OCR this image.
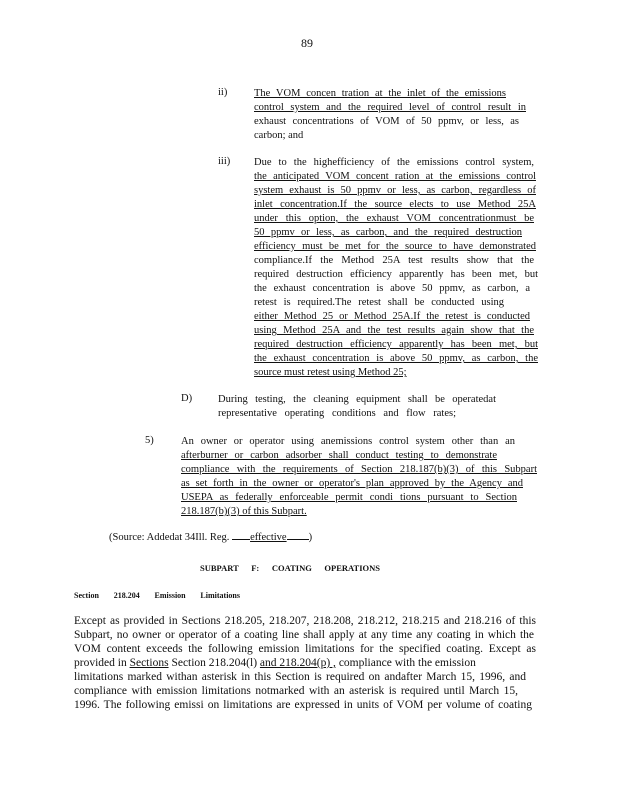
89
ii)	The VOM concen tration at the inlet of the emissions
control system and the required level of control result in
exhaust concentrations of VOM of 50 ppmv, or less, as
carbon; and
iii) Due to the highefficiency of the emissions control system,
the anticipated VOM concent ration at the emissions control
system exhaust is 50 ppmv or less, as carbon, regardless of
inlet concentration.If the source elects to use Method 25A
under this option, the exhaust VOM concentrationmust be
50 ppmv or less, as carbon, and the required destruction
efficiency must be met for the source to have demonstrated
compliance.If the Method 25A test results show that the
required destruction efficiency apparently has been met, but
the exhaust concentration is above 50 ppmv, as carbon, a
retest is required.The retest shall be conducted using
either Method 25 or Method 25A.If the retest is conducted
using Method 25A and the test results again show that the
required destruction efficiency apparently has been met, but
the exhaust concentration is above 50 ppmv, as carbon, the
source must retest using Method 25;
D) During testing, the cleaning equipment shall be operatedat
representative operating conditions and flow rates;
5)	An owner or operator using anemissions control system other than an
afterburner or carbon adsorber shall conduct testing to demonstrate
compliance with the requirements of Section 218.187(b)(3) of this Subpart
as set forth in the owner or operator's plan approved by the Agency and
USEPA as federally enforceable permit condi tions pursuant to Section
218.187(b)(3) of this Subpart.
(Source: Addedat 34Ill. Reg. effective )
SUBPART F: COATING OPERATIONS
Section 218.204 Emission Limitations
Except as provided in Sections 218.205, 218.207, 218.208, 218.212, 218.215 and 218.216 of this
Subpart, no owner or operator of a coating line shall apply at any time any coating in which the
VOM content exceeds the following emission limitations for the specified coating. Except as
provided in Sections Section 218.204(l) and 218.204(p) , compliance with the emission
limitations marked withan asterisk in this Section is required on andafter March 15, 1996, and
compliance with emission limitations notmarked with an asterisk is required until March 15,
1996. The following emissi on limitations are expressed in units of VOM per volume of coating
